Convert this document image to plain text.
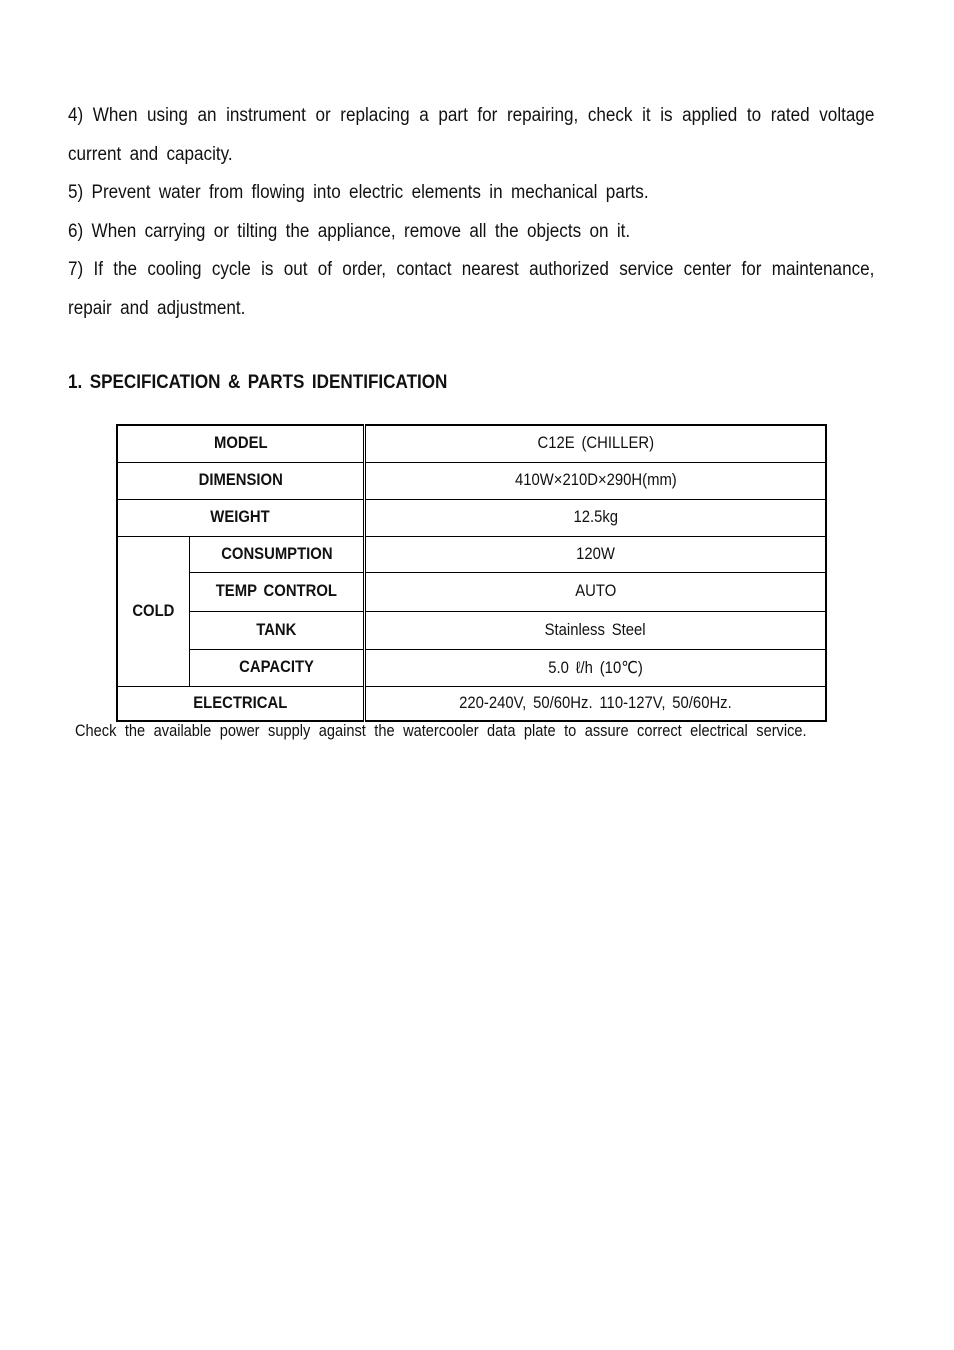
4) When using an instrument or replacing a part for repairing, check it is applied to rated voltage current and capacity.
5) Prevent water from flowing into electric elements in mechanical parts.
6) When carrying or tilting the appliance, remove all the objects on it.
7) If the cooling cycle is out of order, contact nearest authorized service center for maintenance, repair and adjustment.
1. SPECIFICATION & PARTS IDENTIFICATION
MODEL		C12E (CHILLER)
DIMENSION		410W×210D×290H(mm)
WEIGHT		12.5kg
COLD	CONSUMPTION	120W
	TEMP CONTROL	AUTO
	TANK	Stainless Steel
	CAPACITY	5.0 ℓ/h (10℃)
ELECTRICAL		220-240V, 50/60Hz. 110-127V, 50/60Hz.
Check the available power supply against the watercooler data plate to assure correct electrical service.
